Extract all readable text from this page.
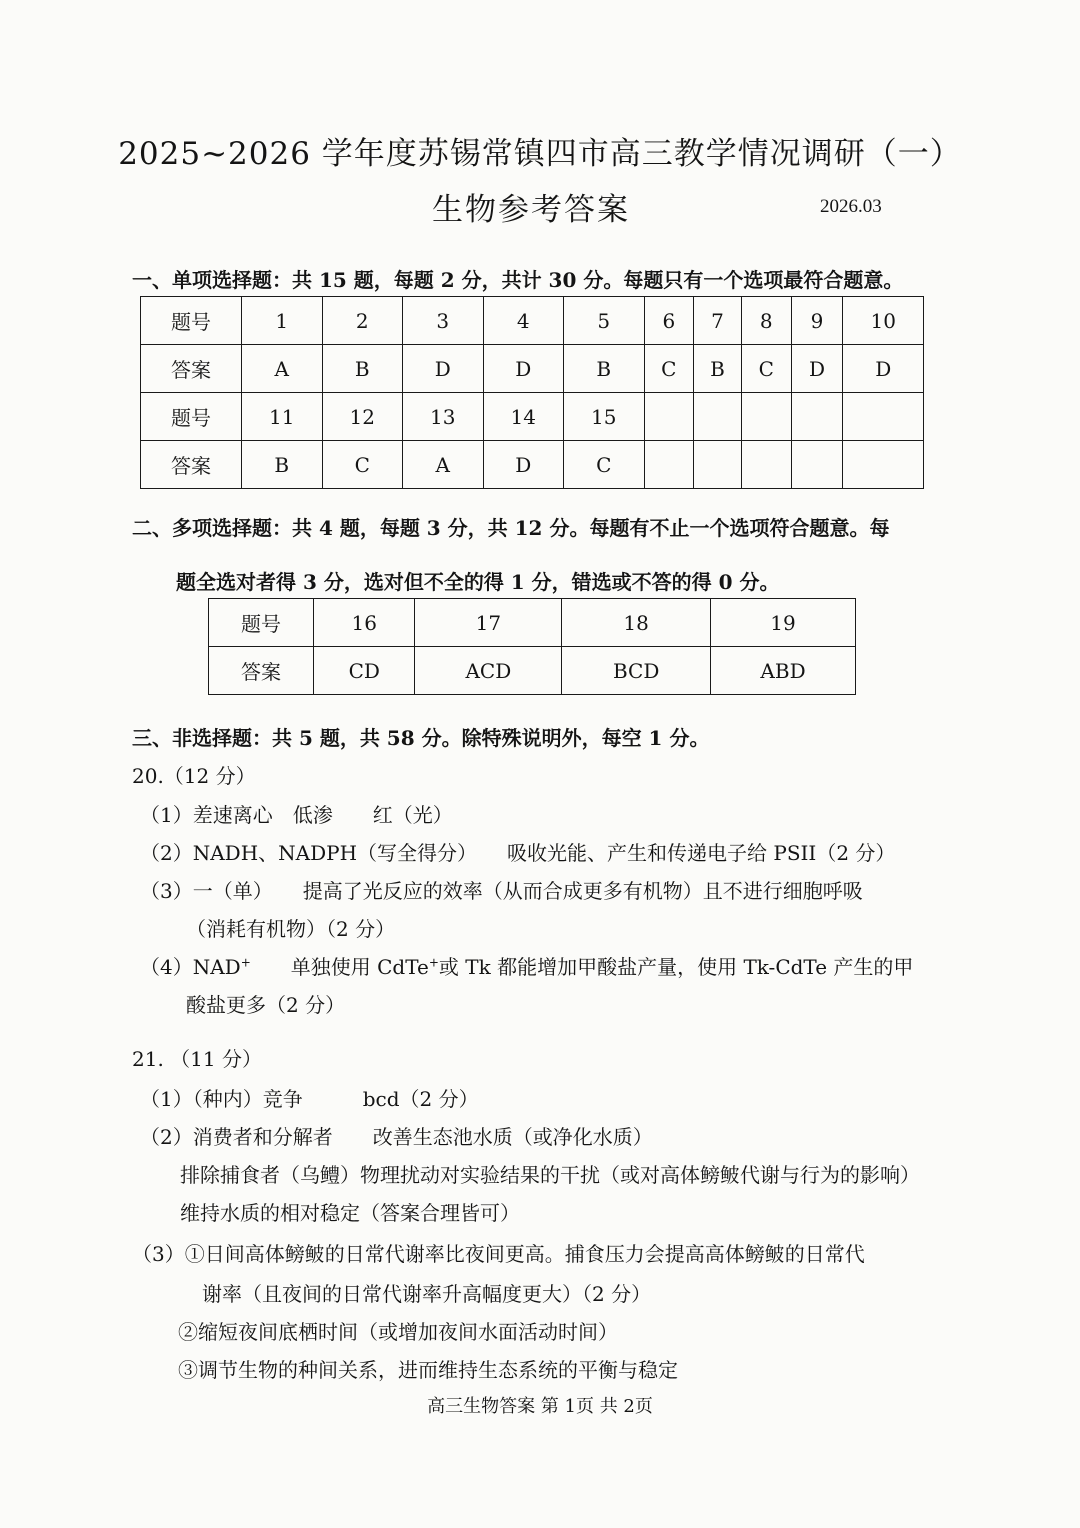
2025~2026 学年度苏锡常镇四市高三教学情况调研（一）
生物参考答案	2026.03
一、单项选择题：共 15 题，每题 2 分，共计 30 分。每题只有一个选项最符合题意。
题号	1	2	3	4	5	6	7	8	9	10
答案	A	B	D	D	B	C	B	C	D	D
题号	11	12	13	14	15					
答案	B	C	A	D	C					
二、多项选择题：共 4 题，每题 3 分，共 12 分。每题有不止一个选项符合题意。每
题全选对者得 3 分，选对但不全的得 1 分，错选或不答的得 0 分。
题号	16	17	18	19
答案	CD	ACD	BCD	ABD
三、非选择题：共 5 题，共 58 分。除特殊说明外，每空 1 分。
20.（12 分）
（1）差速离心　低渗　　红（光）
（2）NADH、NADPH（写全得分）　　吸收光能、产生和传递电子给 PSII（2 分）
（3）一（单）　　提高了光反应的效率（从而合成更多有机物）且不进行细胞呼吸
（消耗有机物）（2 分）
（4）NAD+　　单独使用 CdTe+或 Tk 都能增加甲酸盐产量，使用 Tk-CdTe 产生的甲
酸盐更多（2 分）
21. （11 分）
（1）（种内）竞争　　　bcd（2 分）
（2）消费者和分解者　　改善生态池水质（或净化水质）
排除捕食者（乌鳢）物理扰动对实验结果的干扰（或对高体鳑鲏代谢与行为的影响）
维持水质的相对稳定（答案合理皆可）
（3）①日间高体鳑鲏的日常代谢率比夜间更高。捕食压力会提高高体鳑鲏的日常代
谢率（且夜间的日常代谢率升高幅度更大）（2 分）
②缩短夜间底栖时间（或增加夜间水面活动时间）
③调节生物的种间关系，进而维持生态系统的平衡与稳定
高三生物答案 第 1页 共 2页
